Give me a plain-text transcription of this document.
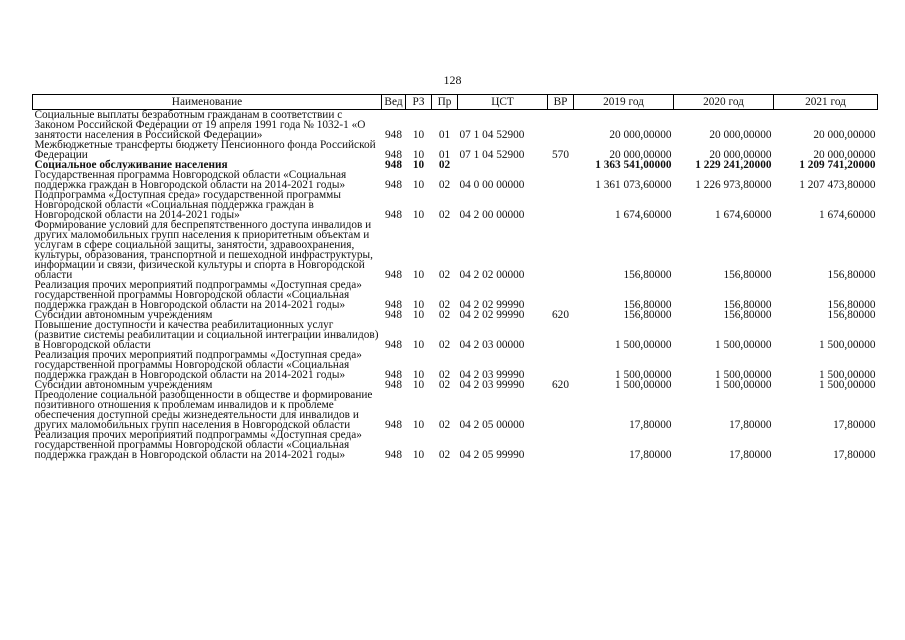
128
Наименование	Вед	РЗ	Пр	ЦСТ	ВР	2019 год	2020 год	2021 год
Социальные выплаты безработным гражданам в соответствии с Законом Российской Федерации от 19 апреля 1991 года № 1032-1 «О занятости населения в Российской Федерации»	948	10	01	07 1 04 52900		20 000,00000	20 000,00000	20 000,00000
Межбюджетные трансферты бюджету Пенсионного фонда Российской Федерации	948	10	01	07 1 04 52900	570	20 000,00000	20 000,00000	20 000,00000
Социальное обслуживание населения	948	10	02			1 363 541,00000	1 229 241,20000	1 209 741,20000
Государственная программа Новгородской области «Социальная поддержка граждан в Новгородской области на 2014-2021 годы»	948	10	02	04 0 00 00000		1 361 073,60000	1 226 973,80000	1 207 473,80000
Подпрограмма «Доступная среда» государственной программы Новгородской области «Социальная поддержка граждан в Новгородской области на 2014-2021 годы»	948	10	02	04 2 00 00000		1 674,60000	1 674,60000	1 674,60000
Формирование условий для беспрепятственного доступа инвалидов и других маломобильных групп населения к приоритетным объектам и услугам в сфере социальной защиты, занятости, здравоохранения, культуры, образования, транспортной и пешеходной инфраструктуры, информации и связи, физической культуры и спорта в Новгородской области	948	10	02	04 2 02 00000		156,80000	156,80000	156,80000
Реализация прочих мероприятий подпрограммы «Доступная среда» государственной программы Новгородской области «Социальная поддержка граждан в Новгородской области на 2014-2021 годы»	948	10	02	04 2 02 99990		156,80000	156,80000	156,80000
Субсидии автономным учреждениям	948	10	02	04 2 02 99990	620	156,80000	156,80000	156,80000
Повышение доступности и качества реабилитационных услуг (развитие системы реабилитации и социальной интеграции инвалидов) в Новгородской области	948	10	02	04 2 03 00000		1 500,00000	1 500,00000	1 500,00000
Реализация прочих мероприятий подпрограммы «Доступная среда» государственной программы Новгородской области «Социальная поддержка граждан в Новгородской области на 2014-2021 годы»	948	10	02	04 2 03 99990		1 500,00000	1 500,00000	1 500,00000
Субсидии автономным учреждениям	948	10	02	04 2 03 99990	620	1 500,00000	1 500,00000	1 500,00000
Преодоление социальной разобщенности в обществе и формирование позитивного отношения к проблемам инвалидов и к проблеме обеспечения доступной среды жизнедеятельности для инвалидов и других маломобильных групп населения в Новгородской области	948	10	02	04 2 05 00000		17,80000	17,80000	17,80000
Реализация прочих мероприятий подпрограммы «Доступная среда» государственной программы Новгородской области «Социальная поддержка граждан в Новгородской области на 2014-2021 годы»	948	10	02	04 2 05 99990		17,80000	17,80000	17,80000
